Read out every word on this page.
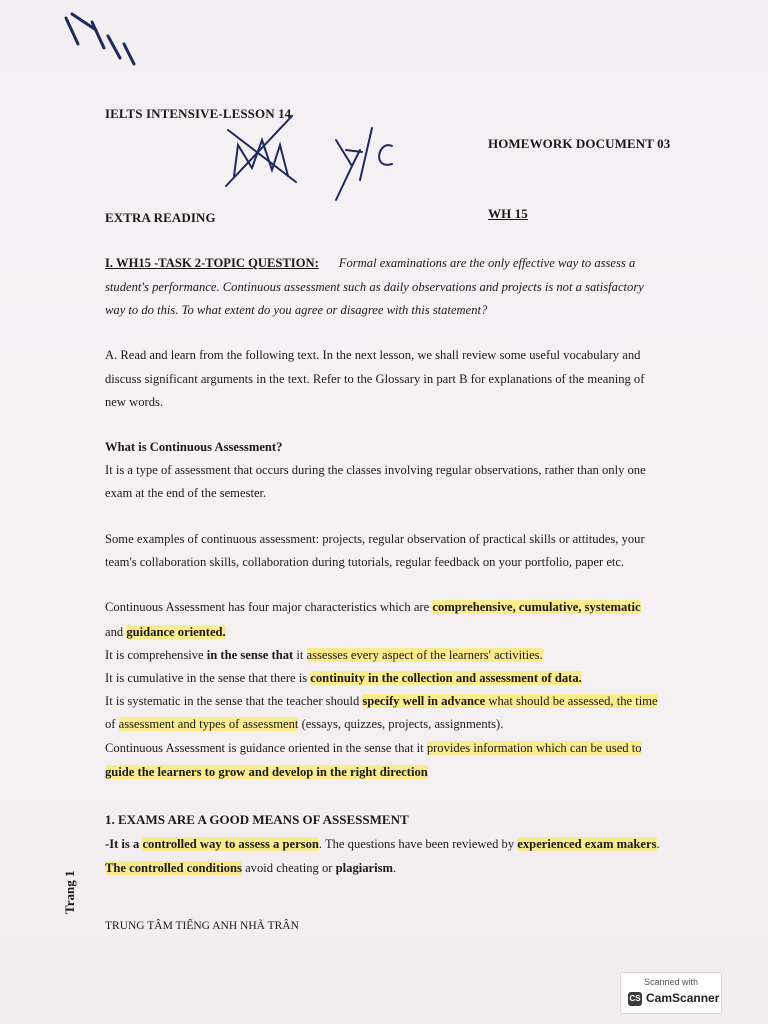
IELTS INTENSIVE-LESSON 14
HOMEWORK DOCUMENT 03
EXTRA READING	WH 15
I. WH15 -TASK 2-TOPIC QUESTION: Formal examinations are the only effective way to assess a
student's performance. Continuous assessment such as daily observations and projects is not a satisfactory
way to do this. To what extent do you agree or disagree with this statement?
A. Read and learn from the following text. In the next lesson, we shall review some useful vocabulary and
discuss significant arguments in the text. Refer to the Glossary in part B for explanations of the meaning of
new words.
What is Continuous Assessment?
It is a type of assessment that occurs during the classes involving regular observations, rather than only one
exam at the end of the semester.
Some examples of continuous assessment: projects, regular observation of practical skills or attitudes, your
team's collaboration skills, collaboration during tutorials, regular feedback on your portfolio, paper etc.
Continuous Assessment has four major characteristics which are comprehensive, cumulative, systematic
and guidance oriented.
It is comprehensive in the sense that it assesses every aspect of the learners' activities.
It is cumulative in the sense that there is continuity in the collection and assessment of data.
It is systematic in the sense that the teacher should specify well in advance what should be assessed, the time
of assessment and types of assessment (essays, quizzes, projects, assignments).
Continuous Assessment is guidance oriented in the sense that it provides information which can be used to
guide the learners to grow and develop in the right direction
1. EXAMS ARE A GOOD MEANS OF ASSESSMENT
-It is a controlled way to assess a person. The questions have been reviewed by experienced exam makers.
The controlled conditions avoid cheating or plagiarism.
TRUNG TÂM TIẾNG ANH NHÃ TRÂN
Trang 1
Scanned with
CS CamScanner
